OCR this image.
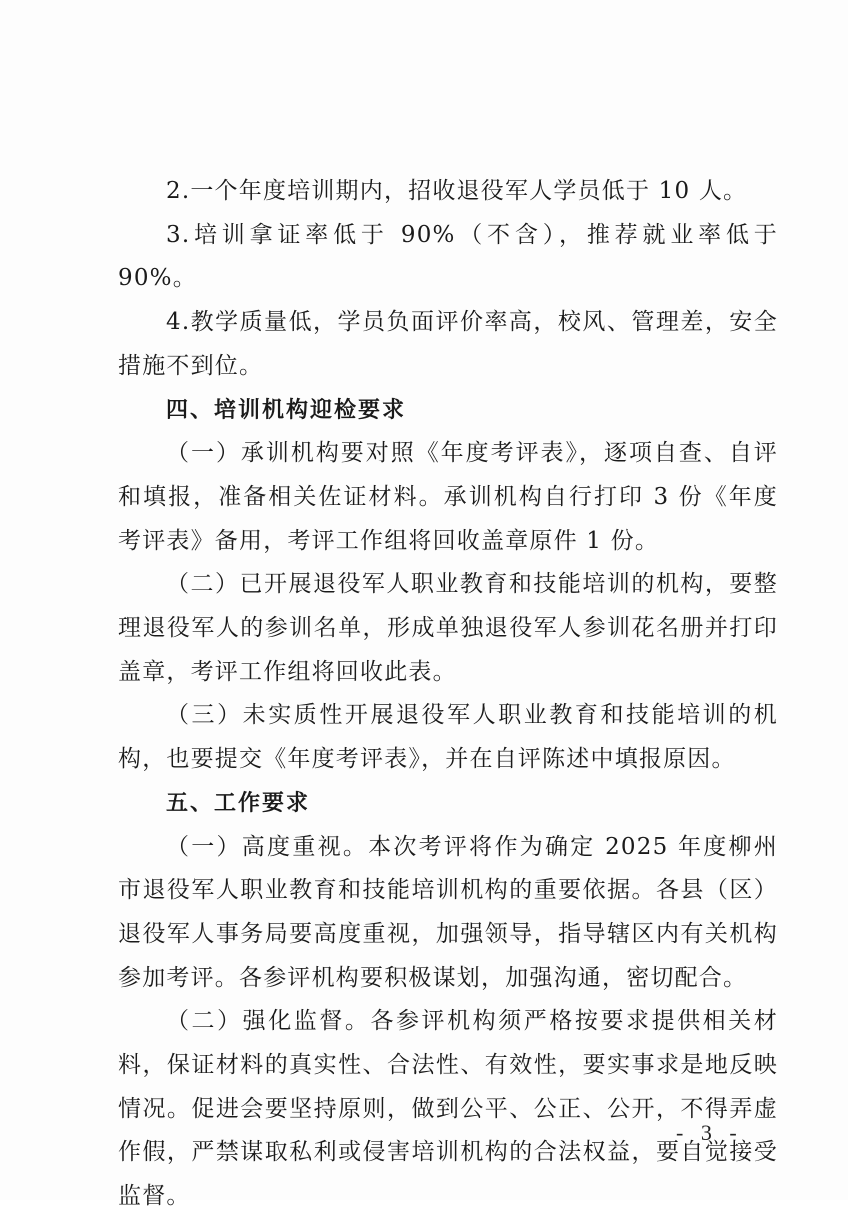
2.一个年度培训期内，招收退役军人学员低于 10 人。

3.培训拿证率低于 90%（不含），推荐就业率低于 90%。

4.教学质量低，学员负面评价率高，校风、管理差，安全措施不到位。

四、培训机构迎检要求

（一）承训机构要对照《年度考评表》，逐项自查、自评和填报，准备相关佐证材料。承训机构自行打印 3 份《年度考评表》备用，考评工作组将回收盖章原件 1 份。

（二）已开展退役军人职业教育和技能培训的机构，要整理退役军人的参训名单，形成单独退役军人参训花名册并打印盖章，考评工作组将回收此表。

（三）未实质性开展退役军人职业教育和技能培训的机构，也要提交《年度考评表》，并在自评陈述中填报原因。

五、工作要求

（一）高度重视。本次考评将作为确定 2025 年度柳州市退役军人职业教育和技能培训机构的重要依据。各县（区）退役军人事务局要高度重视，加强领导，指导辖区内有关机构参加考评。各参评机构要积极谋划，加强沟通，密切配合。

（二）强化监督。各参评机构须严格按要求提供相关材料，保证材料的真实性、合法性、有效性，要实事求是地反映情况。促进会要坚持原则，做到公平、公正、公开，不得弄虚作假，严禁谋取私利或侵害培训机构的合法权益，要自觉接受监督。

- 3 -
